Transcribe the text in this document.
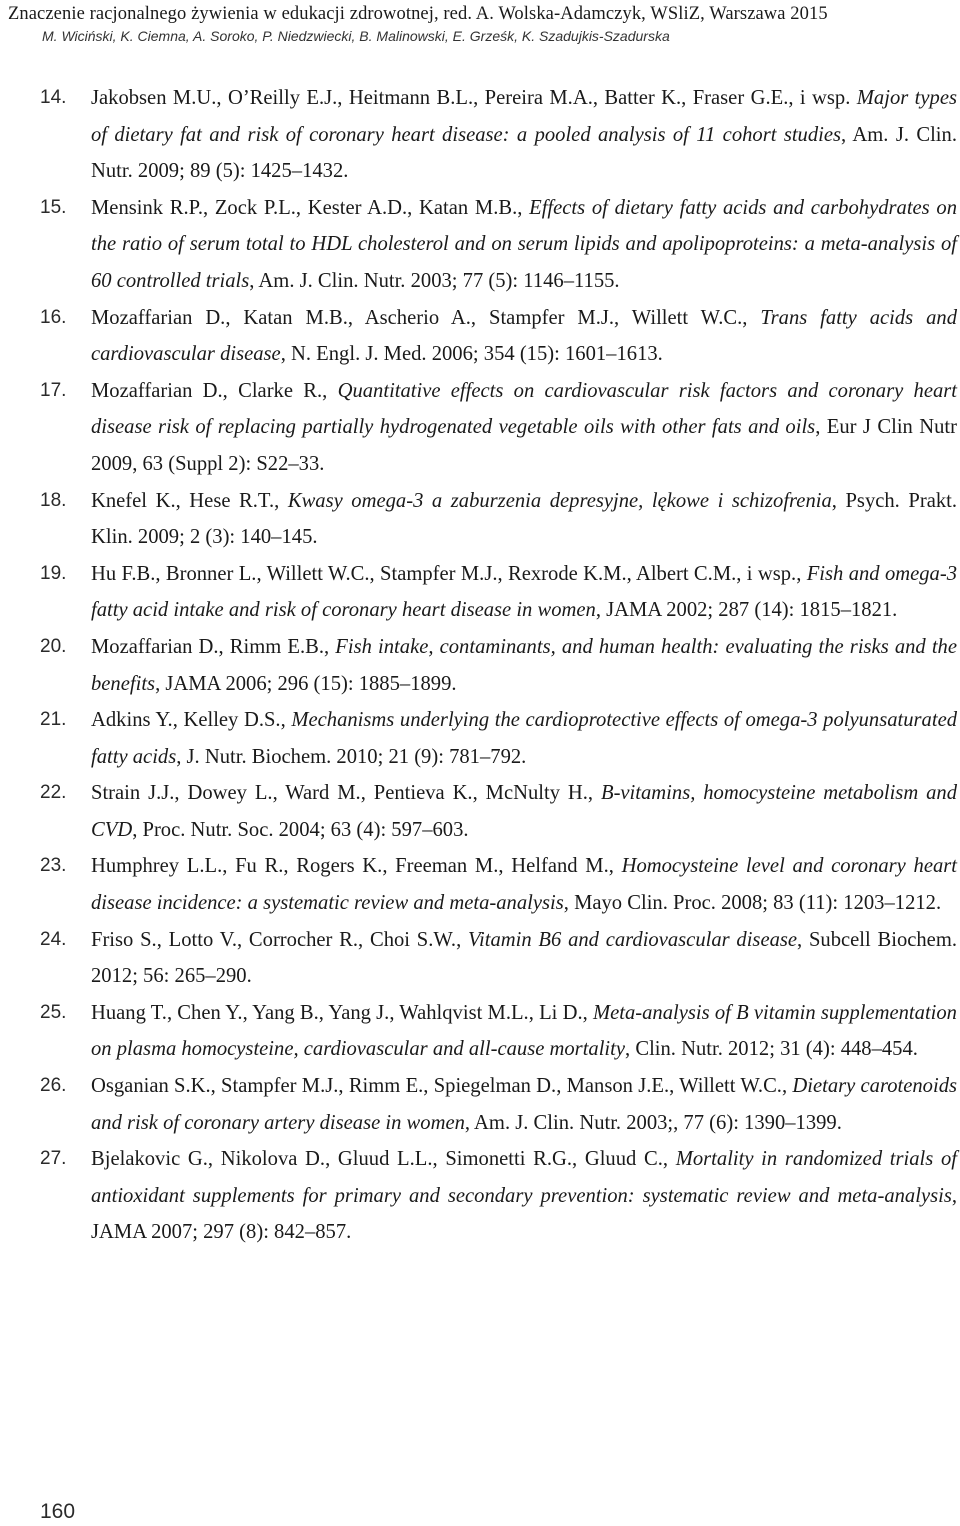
Znaczenie racjonalnego żywienia w edukacji zdrowotnej, red. A. Wolska-Adamczyk, WSliZ, Warszawa 2015
M. Wiciński, K. Ciemna, A. Soroko, P. Niedzwiecki, B. Malinowski, E. Grześk, K. Szadujkis-Szadurska
14. Jakobsen M.U., O’Reilly E.J., Heitmann B.L., Pereira M.A., Batter K., Fraser G.E., i wsp. Major types of dietary fat and risk of coronary heart disease: a pooled analysis of 11 cohort studies, Am. J. Clin. Nutr. 2009; 89 (5): 1425–1432.
15. Mensink R.P., Zock P.L., Kester A.D., Katan M.B., Effects of dietary fatty acids and carbohydrates on the ratio of serum total to HDL cholesterol and on serum lipids and apolipoproteins: a meta-analysis of 60 controlled trials, Am. J. Clin. Nutr. 2003; 77 (5): 1146–1155.
16. Mozaffarian D., Katan M.B., Ascherio A., Stampfer M.J., Willett W.C., Trans fatty acids and cardiovascular disease, N. Engl. J. Med. 2006; 354 (15): 1601–1613.
17. Mozaffarian D., Clarke R., Quantitative effects on cardiovascular risk factors and coronary heart disease risk of replacing partially hydrogenated vegetable oils with other fats and oils, Eur J Clin Nutr 2009, 63 (Suppl 2): S22–33.
18. Knefel K., Hese R.T., Kwasy omega-3 a zaburzenia depresyjne, lękowe i schizofrenia, Psych. Prakt. Klin. 2009; 2 (3): 140–145.
19. Hu F.B., Bronner L., Willett W.C., Stampfer M.J., Rexrode K.M., Albert C.M., i wsp., Fish and omega-3 fatty acid intake and risk of coronary heart disease in women, JAMA 2002; 287 (14): 1815–1821.
20. Mozaffarian D., Rimm E.B., Fish intake, contaminants, and human health: evaluating the risks and the benefits, JAMA 2006; 296 (15): 1885–1899.
21. Adkins Y., Kelley D.S., Mechanisms underlying the cardioprotective effects of omega-3 polyunsaturated fatty acids, J. Nutr. Biochem. 2010; 21 (9): 781–792.
22. Strain J.J., Dowey L., Ward M., Pentieva K., McNulty H., B-vitamins, homocysteine metabolism and CVD, Proc. Nutr. Soc. 2004; 63 (4): 597–603.
23. Humphrey L.L., Fu R., Rogers K., Freeman M., Helfand M., Homocysteine level and coronary heart disease incidence: a systematic review and meta-analysis, Mayo Clin. Proc. 2008; 83 (11): 1203–1212.
24. Friso S., Lotto V., Corrocher R., Choi S.W., Vitamin B6 and cardiovascular disease, Subcell Biochem. 2012; 56: 265–290.
25. Huang T., Chen Y., Yang B., Yang J., Wahlqvist M.L., Li D., Meta-analysis of B vitamin supplementation on plasma homocysteine, cardiovascular and all-cause mortality, Clin. Nutr. 2012; 31 (4): 448–454.
26. Osganian S.K., Stampfer M.J., Rimm E., Spiegelman D., Manson J.E., Willett W.C., Dietary carotenoids and risk of coronary artery disease in women, Am. J. Clin. Nutr. 2003;, 77 (6): 1390–1399.
27. Bjelakovic G., Nikolova D., Gluud L.L., Simonetti R.G., Gluud C., Mortality in randomized trials of antioxidant supplements for primary and secondary prevention: systematic review and meta-analysis, JAMA 2007; 297 (8): 842–857.
160
